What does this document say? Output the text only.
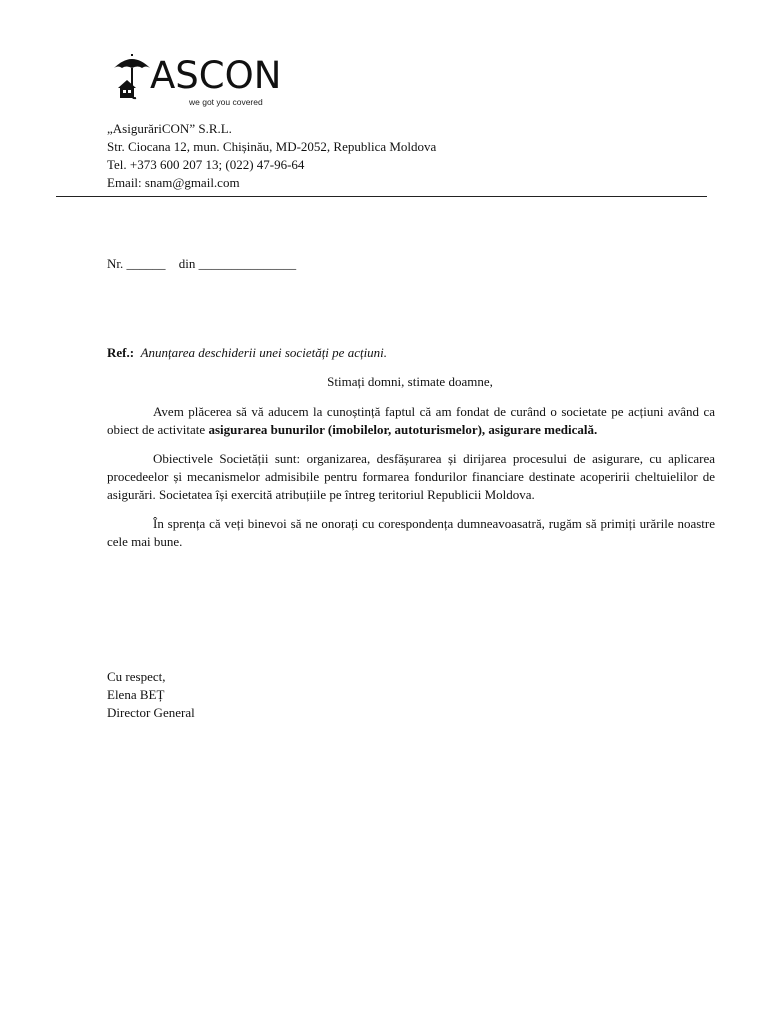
ASCON
we got you covered
„AsigurăriCON” S.R.L.
Str. Ciocana 12, mun. Chișinău, MD-2052, Republica Moldova
Tel. +373 600 207 13; (022) 47-96-64
Email: snam@gmail.com
Nr. ______ din _______________
Ref.: Anunțarea deschiderii unei societăți pe acțiuni.
Stimați domni, stimate doamne,

Avem plăcerea să vă aducem la cunoștință faptul că am fondat de curând o societate pe acțiuni având ca obiect de activitate asigurarea bunurilor (imobilelor, autoturismelor), asigurare medicală.

Obiectivele Societății sunt: organizarea, desfășurarea și dirijarea procesului de asigurare, cu aplicarea procedeelor și mecanismelor admisibile pentru formarea fondurilor financiare destinate acoperirii cheltuielilor de asigurări. Societatea își exercită atribuțiile pe întreg teritoriul Republicii Moldova.

În sprența că veți binevoi să ne onorați cu corespondența dumneavoasatră, rugăm să primiți urările noastre cele mai bune.

Cu respect,
Elena BEȚ
Director General
